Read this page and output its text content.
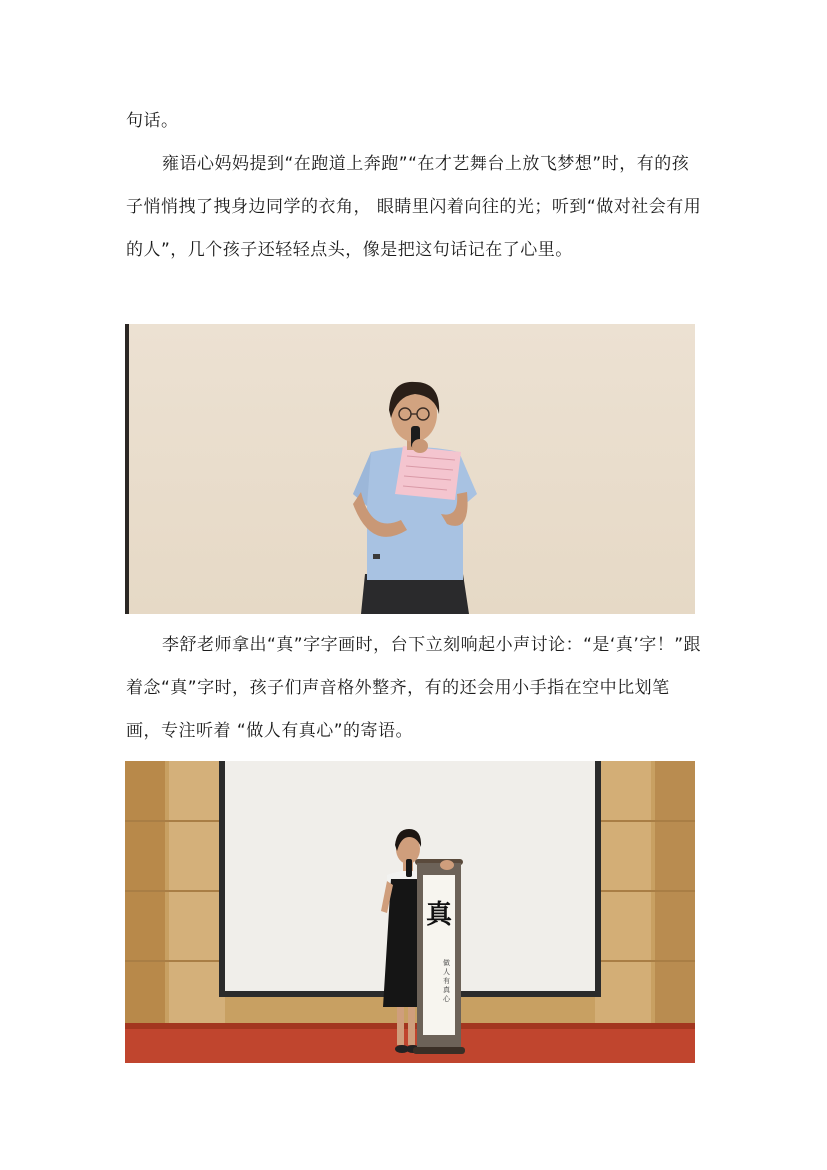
句话。

雍语心妈妈提到“在跑道上奔跑”“在才艺舞台上放飞梦想”时，有的孩子悄悄拽了拽身边同学的衣角， 眼睛里闪着向往的光；听到“做对社会有用的人”，几个孩子还轻轻点头，像是把这句话记在了心里。

李舒老师拿出“真”字字画时，台下立刻响起小声讨论：“是‘真’字！”跟着念“真”字时，孩子们声音格外整齐，有的还会用小手指在空中比划笔画，专注听着 “做人有真心”的寄语。

真
做人有真心
